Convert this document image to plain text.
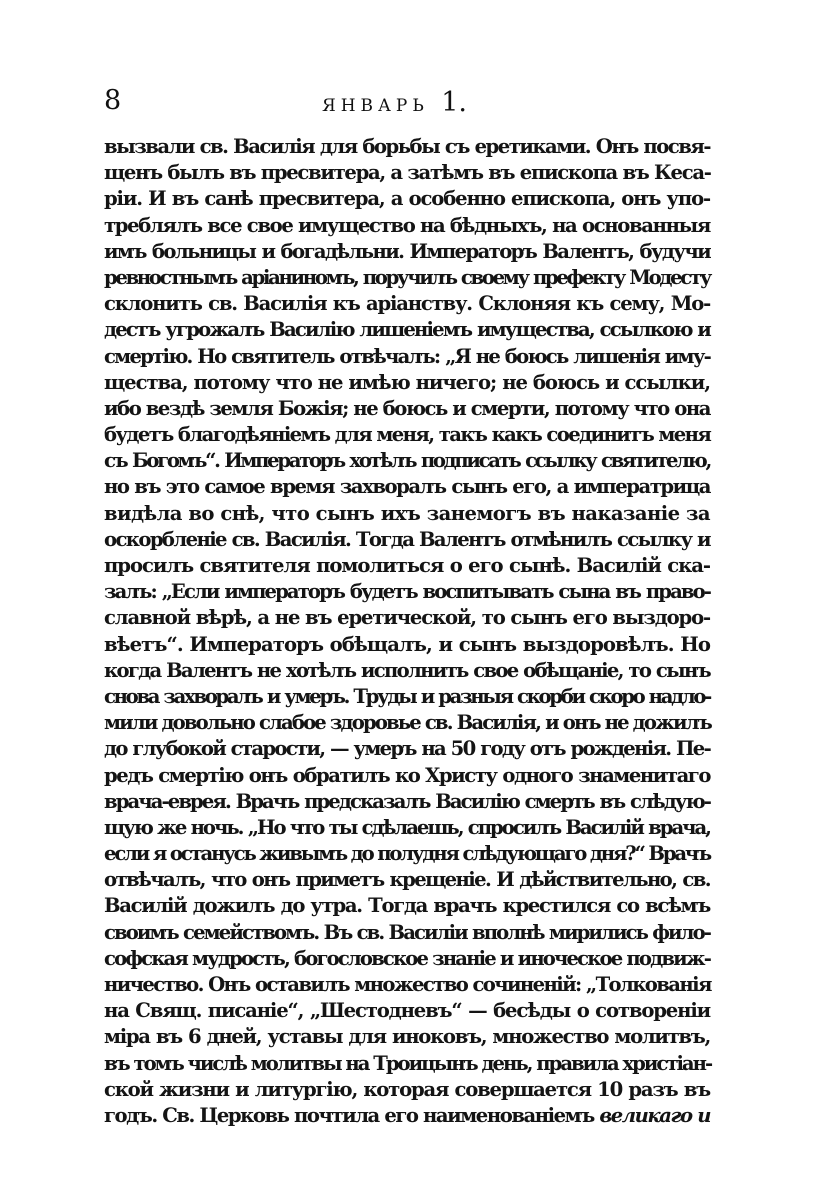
8	ЯНВАРЬ 1.
вызвали св. Василія для борьбы съ еретиками. Онъ посвя-
щенъ былъ въ пресвитера, а затѣмъ въ епископа въ Кеса-
ріи. И въ санѣ пресвитера, а особенно епископа, онъ упо-
треблялъ все свое имущество на бѣдныхъ, на основанныя
имъ больницы и богадѣльни. Императоръ Валентъ, будучи
ревностнымъ аріаниномъ, поручилъ своему префекту Модесту
склонить св. Василія къ аріанству. Склоняя къ сему, Мо-
дестъ угрожалъ Василію лишеніемъ имущества, ссылкою и
смертію. Но святитель отвѣчалъ: „Я не боюсь лишенія иму-
щества, потому что не имѣю ничего; не боюсь и ссылки,
ибо вездѣ земля Божія; не боюсь и смерти, потому что она
будетъ благодѣяніемъ для меня, такъ какъ соединитъ меня
съ Богомъ“. Императоръ хотѣлъ подписать ссылку святителю,
но въ это самое время захворалъ сынъ его, а императрица
видѣла во снѣ, что сынъ ихъ занемогъ въ наказаніе за
оскорбленіе св. Василія. Тогда Валентъ отмѣнилъ ссылку и
просилъ святителя помолиться о его сынѣ. Василій ска-
залъ: „Если императоръ будетъ воспитывать сына въ право-
славной вѣрѣ, а не въ еретической, то сынъ его выздоро-
вѣетъ“. Императоръ обѣщалъ, и сынъ выздоровѣлъ. Но
когда Валентъ не хотѣлъ исполнить свое обѣщаніе, то сынъ
снова захворалъ и умеръ. Труды и разныя скорби скоро надло-
мили довольно слабое здоровье св. Василія, и онъ не дожилъ
до глубокой старости, — умеръ на 50 году отъ рожденія. Пе-
редъ смертію онъ обратилъ ко Христу одного знаменитаго
врача-еврея. Врачъ предсказалъ Василію смерть въ слѣдую-
щую же ночь. „Но что ты сдѣлаешь, спросилъ Василій врача,
если я останусь живымъ до полудня слѣдующаго дня?“ Врачъ
отвѣчалъ, что онъ приметъ крещеніе. И дѣйствительно, св.
Василій дожилъ до утра. Тогда врачъ крестился со всѣмъ
своимъ семействомъ. Въ св. Василіи вполнѣ мирились фило-
софская мудрость, богословское знаніе и иноческое подвиж-
ничество. Онъ оставилъ множество сочиненій: „Толкованія
на Свящ. писаніе“, „Шестодневъ“ — бесѣды о сотвореніи
міра въ 6 дней, уставы для иноковъ, множество молитвъ,
въ томъ числѣ молитвы на Троицынъ день, правила христіан-
ской жизни и литургію, которая совершается 10 разъ въ
годъ. Св. Церковь почтила его наименованіемъ великаго и
